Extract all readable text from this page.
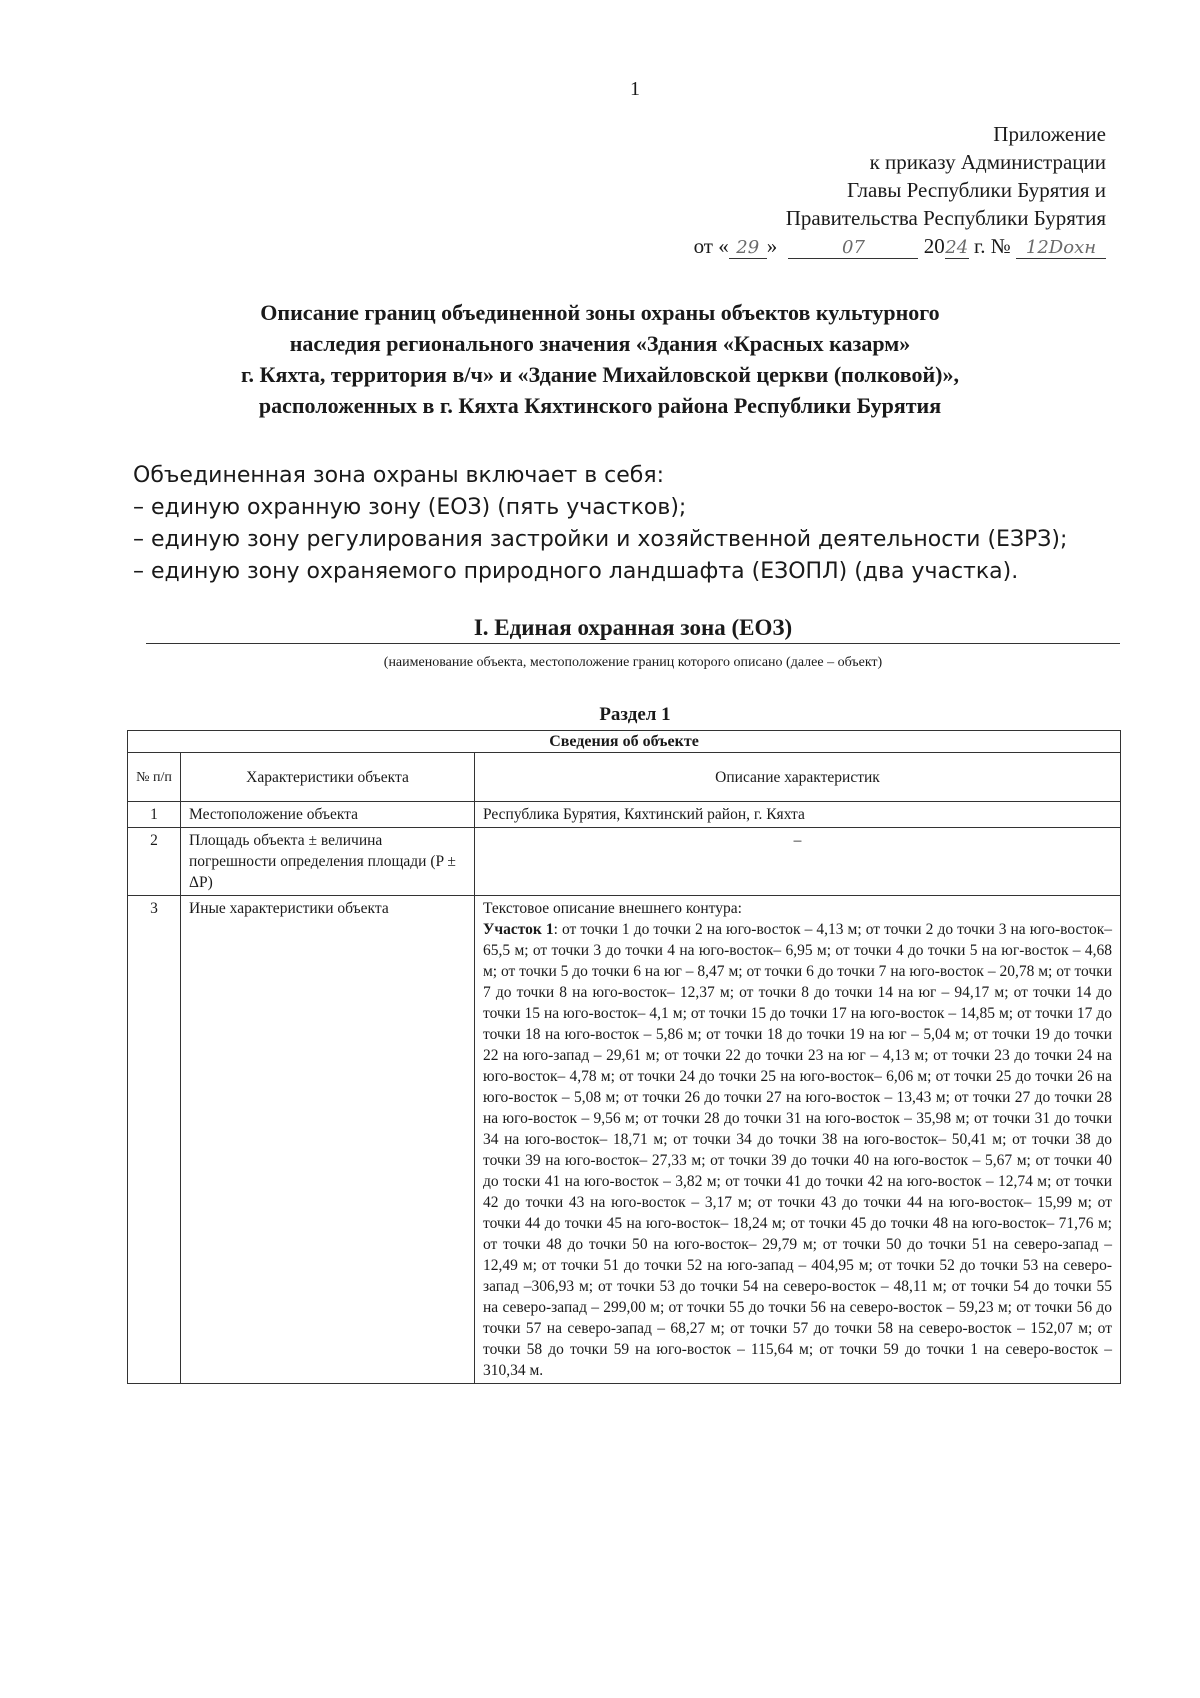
1
Приложение
к приказу Администрации
Главы Республики Бурятия и
Правительства Республики Бурятия
от « 29 »	07	2024 г. № 12Doxн
Описание границ объединенной зоны охраны объектов культурного
наследия регионального значения «Здания «Красных казарм»
г. Кяхта, территория в/ч» и «Здание Михайловской церкви (полковой)»,
расположенных в г. Кяхта Кяхтинского района Республики Бурятия
Объединенная зона охраны включает в себя:
– единую охранную зону (ЕОЗ) (пять участков);
– единую зону регулирования застройки и хозяйственной деятельности (ЕЗРЗ);
– единую зону охраняемого природного ландшафта (ЕЗОПЛ) (два участка).
I. Единая охранная зона (ЕОЗ)
(наименование объекта, местоположение границ которого описано (далее – объект)
Раздел 1
Сведения об объекте		
№ п/п	Характеристики объекта	Описание характеристик
1	Местоположение объекта	Республика Бурятия, Кяхтинский район, г. Кяхта
2	Площадь объекта ± величина погрешности определения площади (P ± ΔP)	–
3	Иные характеристики объекта	Текстовое описание внешнего контура:
Участок 1: от точки 1 до точки 2 на юго-восток – 4,13 м; от точки 2 до точки 3 на юго-восток– 65,5 м; от точки 3 до точки 4 на юго-восток– 6,95 м; от точки 4 до точки 5 на юг-восток – 4,68 м; от точки 5 до точки 6 на юг – 8,47 м; от точки 6 до точки 7 на юго-восток – 20,78 м; от точки 7 до точки 8 на юго-восток– 12,37 м; от точки 8 до точки 14 на юг – 94,17 м; от точки 14 до точки 15 на юго-восток– 4,1 м; от точки 15 до точки 17 на юго-восток – 14,85 м; от точки 17 до точки 18 на юго-восток – 5,86 м; от точки 18 до точки 19 на юг – 5,04 м; от точки 19 до точки 22 на юго-запад – 29,61 м; от точки 22 до точки 23 на юг – 4,13 м; от точки 23 до точки 24 на юго-восток– 4,78 м; от точки 24 до точки 25 на юго-восток– 6,06 м; от точки 25 до точки 26 на юго-восток – 5,08 м; от точки 26 до точки 27 на юго-восток – 13,43 м; от точки 27 до точки 28 на юго-восток – 9,56 м; от точки 28 до точки 31 на юго-восток – 35,98 м; от точки 31 до точки 34 на юго-восток– 18,71 м; от точки 34 до точки 38 на юго-восток– 50,41 м; от точки 38 до точки 39 на юго-восток– 27,33 м; от точки 39 до точки 40 на юго-восток – 5,67 м; от точки 40 до тоски 41 на юго-восток – 3,82 м; от точки 41 до точки 42 на юго-восток – 12,74 м; от точки 42 до точки 43 на юго-восток – 3,17 м; от точки 43 до точки 44 на юго-восток– 15,99 м; от точки 44 до точки 45 на юго-восток– 18,24 м; от точки 45 до точки 48 на юго-восток– 71,76 м; от точки 48 до точки 50 на юго-восток– 29,79 м; от точки 50 до точки 51 на северо-запад – 12,49 м; от точки 51 до точки 52 на юго-запад – 404,95 м; от точки 52 до точки 53 на северо-запад –306,93 м; от точки 53 до точки 54 на северо-восток – 48,11 м; от точки 54 до точки 55 на северо-запад – 299,00 м; от точки 55 до точки 56 на северо-восток – 59,23 м; от точки 56 до точки 57 на северо-запад – 68,27 м; от точки 57 до точки 58 на северо-восток – 152,07 м; от точки 58 до точки 59 на юго-восток – 115,64 м; от точки 59 до точки 1 на северо-восток – 310,34 м.
